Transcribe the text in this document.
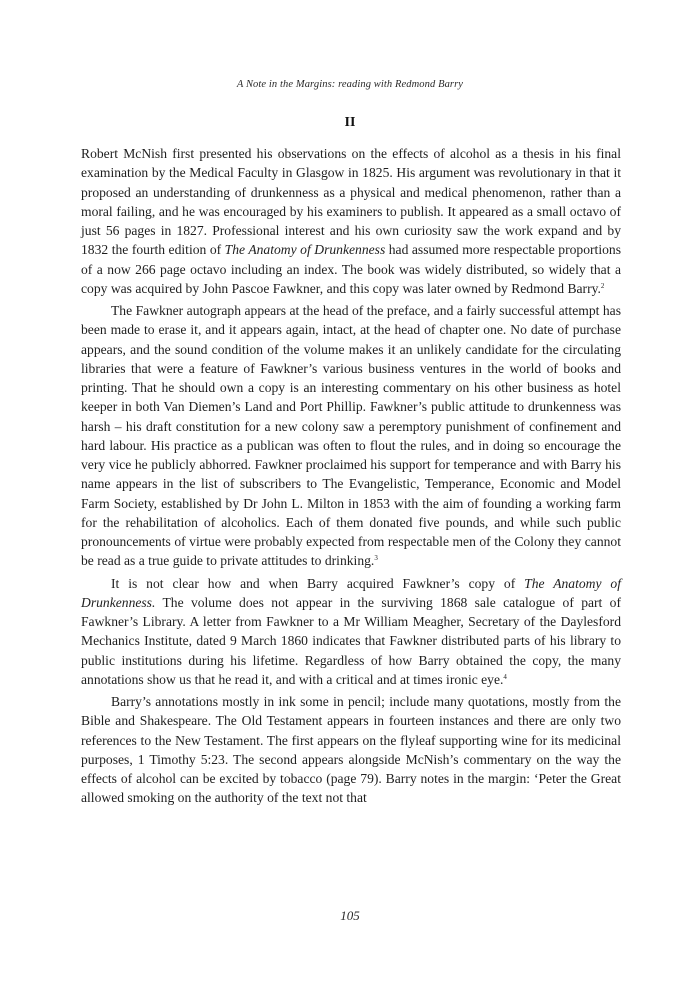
A Note in the Margins: reading with Redmond Barry
II

Robert McNish first presented his observations on the effects of alcohol as a thesis in his final examination by the Medical Faculty in Glasgow in 1825. His argument was revolutionary in that it proposed an understanding of drunkenness as a physical and medical phenomenon, rather than a moral failing, and he was encouraged by his examiners to publish. It appeared as a small octavo of just 56 pages in 1827. Professional interest and his own curiosity saw the work expand and by 1832 the fourth edition of The Anatomy of Drunkenness had assumed more respectable proportions of a now 266 page octavo including an index. The book was widely distributed, so widely that a copy was acquired by John Pascoe Fawkner, and this copy was later owned by Redmond Barry.$^2$

The Fawkner autograph appears at the head of the preface, and a fairly successful attempt has been made to erase it, and it appears again, intact, at the head of chapter one. No date of purchase appears, and the sound condition of the volume makes it an unlikely candidate for the circulating libraries that were a feature of Fawkner’s various business ventures in the world of books and printing. That he should own a copy is an interesting commentary on his other business as hotel keeper in both Van Diemen’s Land and Port Phillip. Fawkner’s public attitude to drunkenness was harsh – his draft constitution for a new colony saw a peremptory punishment of confinement and hard labour. His practice as a publican was often to flout the rules, and in doing so encourage the very vice he publicly abhorred. Fawkner proclaimed his support for temperance and with Barry his name appears in the list of subscribers to The Evangelistic, Temperance, Economic and Model Farm Society, established by Dr John L. Milton in 1853 with the aim of founding a working farm for the rehabilitation of alcoholics. Each of them donated five pounds, and while such public pronouncements of virtue were probably expected from respectable men of the Colony they cannot be read as a true guide to private attitudes to drinking.$^3$

It is not clear how and when Barry acquired Fawkner’s copy of The Anatomy of Drunkenness. The volume does not appear in the surviving 1868 sale catalogue of part of Fawkner’s Library. A letter from Fawkner to a Mr William Meagher, Secretary of the Daylesford Mechanics Institute, dated 9 March 1860 indicates that Fawkner distributed parts of his library to public institutions during his lifetime. Regardless of how Barry obtained the copy, the many annotations show us that he read it, and with a critical and at times ironic eye.$^4$

Barry’s annotations mostly in ink some in pencil; include many quotations, mostly from the Bible and Shakespeare. The Old Testament appears in fourteen instances and there are only two references to the New Testament. The first appears on the flyleaf supporting wine for its medicinal purposes, 1 Timothy 5:23. The second appears alongside McNish’s commentary on the way the effects of alcohol can be excited by tobacco (page 79). Barry notes in the margin: ‘Peter the Great allowed smoking on the authority of the text not that

105
